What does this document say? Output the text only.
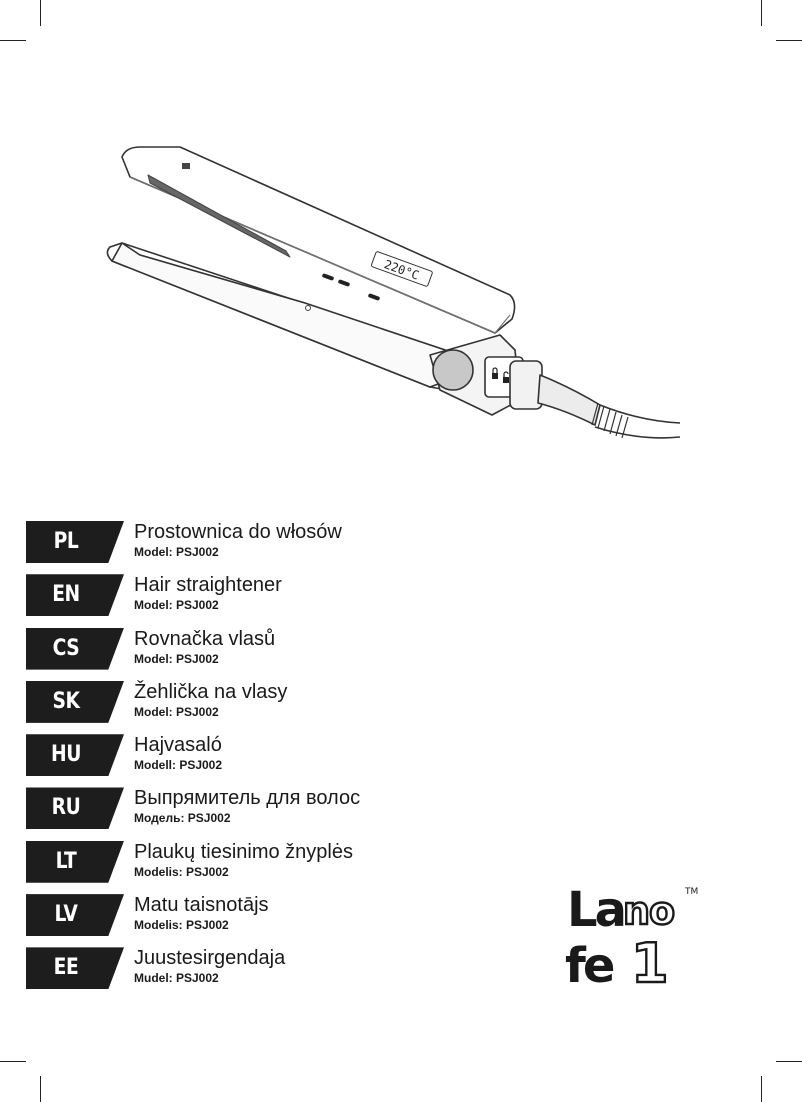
220°C
PL	Prostownica do włosów
Model: PSJ002
EN	Hair straightener
Model: PSJ002
CS	Rovnačka vlasů
Model: PSJ002
SK	Žehlička na vlasy
Model: PSJ002
HU	Hajvasaló
Modell: PSJ002
RU	Выпрямитель для волос
Модель: PSJ002
LT	Plaukų tiesinimo žnyplės
Modelis: PSJ002
LV	Matu taisnotājs
Modelis: PSJ002
EE	Juustesirgendaja
Mudel: PSJ002
La no TM
fe 1
